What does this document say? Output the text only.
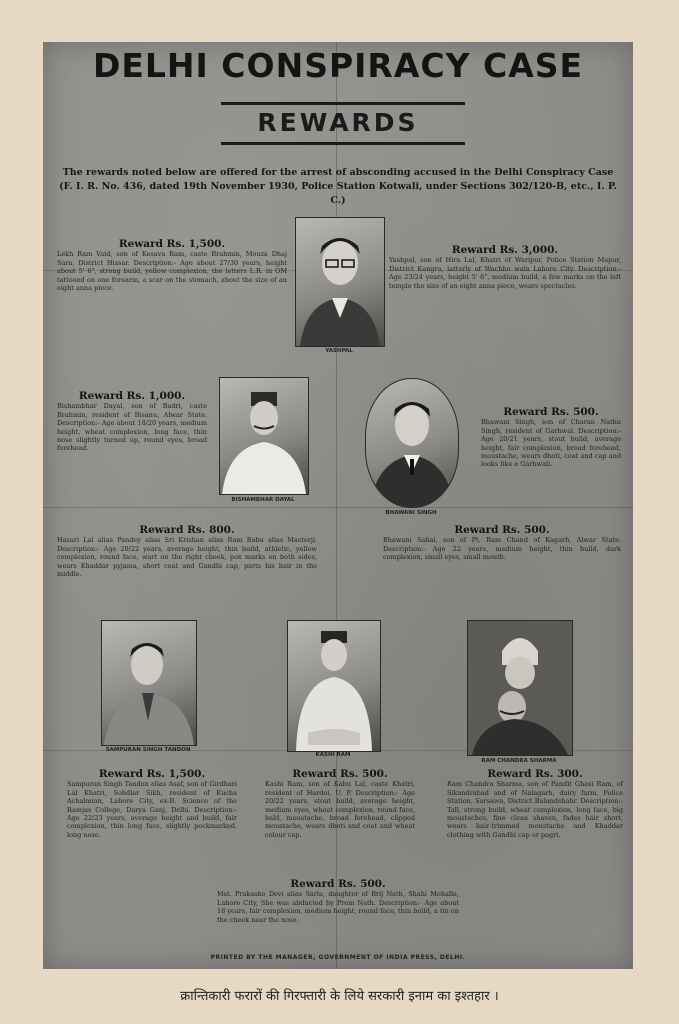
DELHI CONSPIRACY CASE
REWARDS
The rewards noted below are offered for the arrest of absconding accused in the Delhi Conspiracy Case (F. I. R. No. 436, dated 19th November 1930, Police Station Kotwali, under Sections 302/120-B, etc., I. P. C.)
Reward Rs. 1,500.
Lekh Ram Vaid, son of Kesava Ram, caste Brahmin, Mouza Dhaj Sara, District Hissar. Description:- Age about 27/30 years, height about 5' 6", strong build, yellow complexion, the letters L.R. in OM tattooed on one forearm, a scar on the stomach, about the size of an eight anna piece.
Reward Rs. 3,000.
Yashpal, son of Hira Lal, Khatri of Waripur, Police Station Mapur, District Kangra, latterly of Wachho wala Lahore City. Description:- Age 23/24 years, height 5' 6", medium build, a few marks on the left temple the size of an eight anna piece, wears spectacles.
Reward Rs. 1,000.
Bishambhar Dayal, son of Badri, caste Brahmin, resident of Bisanu, Alwar State. Description:- Age about 18/20 years, medium height, wheat complexion, long face, thin nose slightly turned up, round eyes, broad forehead.
Reward Rs. 500.
Bhawani Singh, son of Charan Nathu Singh, resident of Garhwal. Description:- Age 20/21 years, stout build, average height, fair complexion, broad forehead, moustache, wears dhoti, coat and cap and looks like a Garhwali.
Reward Rs. 800.
Hazari Lal alias Pandey alias Sri Krishan alias Ram Babu alias Masterji. Description:- Age 20/22 years, average height, thin build, athletic, yellow complexion, round face, wart on the right cheek, pox marks on both sides, wears Khaddar pyjama, short coat and Gandhi cap, parts his hair in the middle.
Reward Rs. 500.
Bhawani Sahai, son of Pt. Ram Chand of Kagarh, Alwar State. Description:- Age 22 years, medium height, thin build, dark complexion, small eyes, small mouth.
Reward Rs. 1,500.
Sampuran Singh Tandon alias Asaf, son of Girdhari Lal Khatri, Sohdlar Sikh, resident of Kucha Achalmian, Lahore City, ex-B. Science of the Ramjas College, Darya Ganj, Delhi. Description:- Age 22/23 years, average height and build, fair complexion, thin long face, slightly pockmarked, long nose.
Reward Rs. 500.
Kashi Ram, son of Kabu Lal, caste Khatri, resident of Hardoi, U. P. Description:- Age 20/22 years, stout build, average height, medium eyes, wheat complexion, round face, bald, moustache, broad forehead, clipped moustache, wears dhoti and coat and wheat colour cap.
Reward Rs. 300.
Ram Chandra Sharma, son of Pandit Ghasi Ram, of Sikandrabad and of Nalagarh, dairy farm, Police Station, Sarsawa, District Bulandshahr. Description:- Tall, strong build, wheat complexion, long face, big moustaches, fine clean shaven, fades hair short, wears hair-trimmed moustache and Khaddar clothing with Gandhi cap or pagri.
Reward Rs. 500.
Mst. Prakasho Devi alias Sarla, daughter of Brij Nath, Shahi Mohalla, Lahore City, She was abducted by Prem Nath. Description:- Age about 18 years, fair complexion, medium height, round face, thin build, a tin on the cheek near the nose.
YASHPAL
BISHAMBHAR DAYAL
BHAWANI SINGH
SAMPURAN SINGH TANDON
KASHI RAM
RAM CHANDRA SHARMA
PRINTED BY THE MANAGER, GOVERNMENT OF INDIA PRESS, DELHI.
क्रान्तिकारी फरारों की गिरफ्तारी के लिये सरकारी इनाम का इश्तहार ।
